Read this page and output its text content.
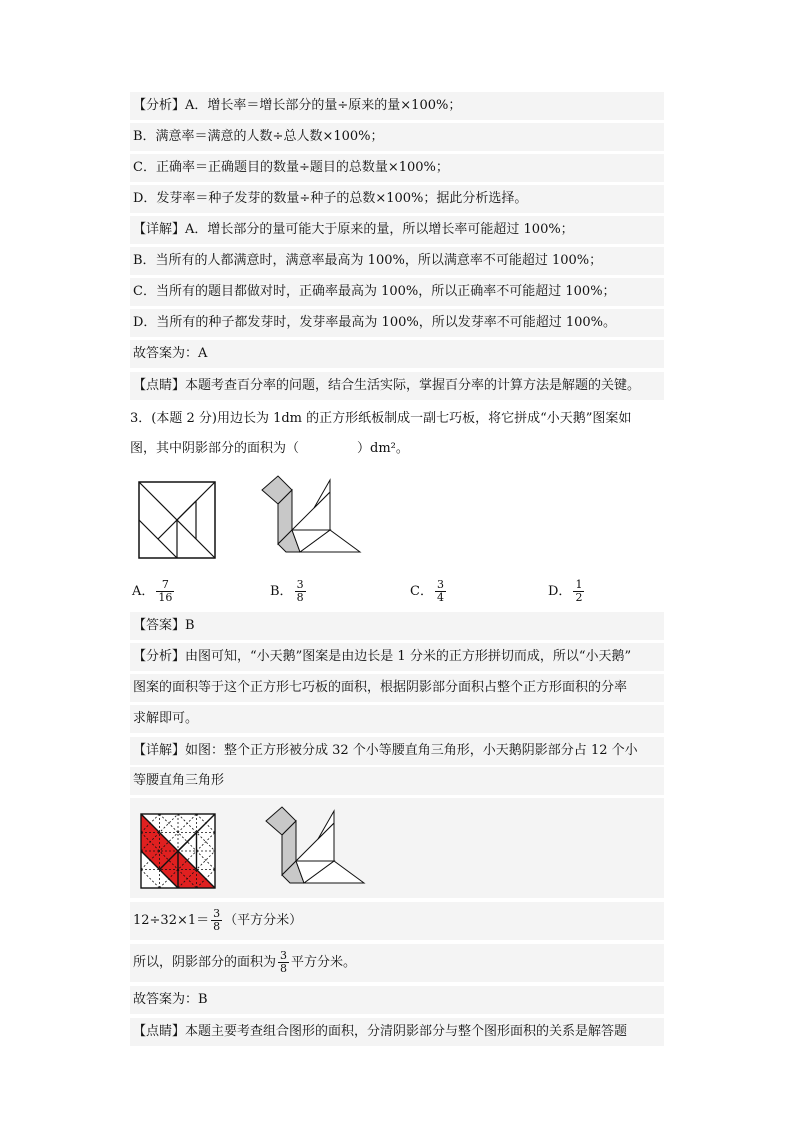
【分析】A．增长率＝增长部分的量÷原来的量×100%；
B．满意率＝满意的人数÷总人数×100%；
C．正确率＝正确题目的数量÷题目的总数量×100%；
D．发芽率＝种子发芽的数量÷种子的总数×100%；据此分析选择。
【详解】A．增长部分的量可能大于原来的量，所以增长率可能超过 100%；
B．当所有的人都满意时，满意率最高为 100%，所以满意率不可能超过 100%；
C．当所有的题目都做对时，正确率最高为 100%，所以正确率不可能超过 100%；
D．当所有的种子都发芽时，发芽率最高为 100%，所以发芽率不可能超过 100%。
故答案为：A
【点睛】本题考查百分率的问题，结合生活实际，掌握百分率的计算方法是解题的关键。
3．(本题 2 分)用边长为 1dm 的正方形纸板制成一副七巧板，将它拼成“小天鹅”图案如
图，其中阴影部分的面积为（	）dm²。
A． $\frac{7}{16}$	B． $\frac{3}{8}$	C． $\frac{3}{4}$	D． $\frac{1}{2}$
【答案】B
【分析】由图可知，“小天鹅”图案是由边长是 1 分米的正方形拼切而成，所以“小天鹅”
图案的面积等于这个正方形七巧板的面积，根据阴影部分面积占整个正方形面积的分率
求解即可。
【详解】如图：整个正方形被分成 32 个小等腰直角三角形，小天鹅阴影部分占 12 个小
等腰直角三角形
$12\div 32\times 1= \frac{3}{8}$ （平方分米）
所以，阴影部分的面积为 $\frac{3}{8}$ 平方分米。
故答案为：B
【点睛】本题主要考查组合图形的面积，分清阴影部分与整个图形面积的关系是解答题
